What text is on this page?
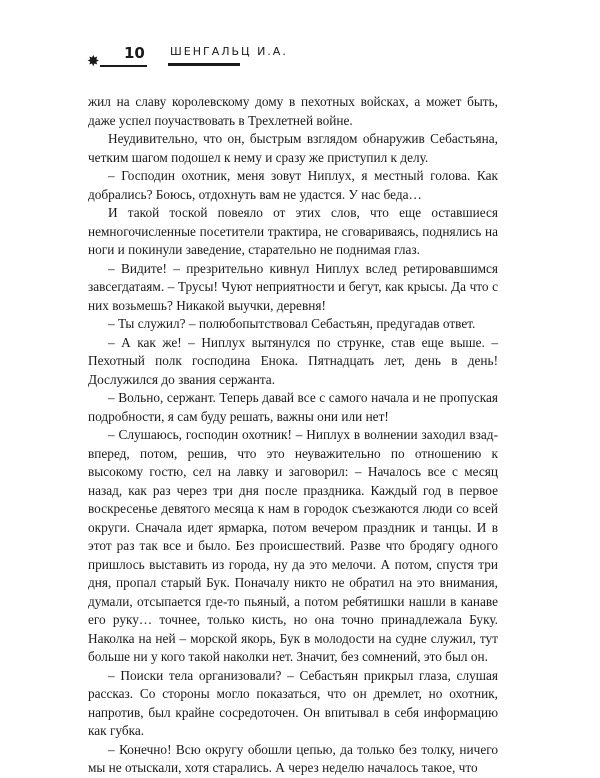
✸ 10 ШЕНГАЛЬЦ И.А.

жил на славу королевскому дому в пехотных войсках, а может быть, даже успел поучаствовать в Трехлетней войне.

Неудивительно, что он, быстрым взглядом обнаружив Себастьяна, четким шагом подошел к нему и сразу же приступил к делу.

– Господин охотник, меня зовут Ниплух, я местный голова. Как добрались? Боюсь, отдохнуть вам не удастся. У нас беда…

И такой тоской повеяло от этих слов, что еще оставшиеся немногочисленные посетители трактира, не сговариваясь, поднялись на ноги и покинули заведение, старательно не поднимая глаз.

– Видите! – презрительно кивнул Ниплух вслед ретировавшимся завсегдатаям. – Трусы! Чуют неприятности и бегут, как крысы. Да что с них возьмешь? Никакой выучки, деревня!

– Ты служил? – полюбопытствовал Себастьян, предугадав ответ.

– А как же! – Ниплух вытянулся по струнке, став еще выше. – Пехотный полк господина Енока. Пятнадцать лет, день в день! Дослужился до звания сержанта.

– Вольно, сержант. Теперь давай все с самого начала и не пропуская подробности, я сам буду решать, важны они или нет!

– Слушаюсь, господин охотник! – Ниплух в волнении заходил взад-вперед, потом, решив, что это неуважительно по отношению к высокому гостю, сел на лавку и заговорил: – Началось все с месяц назад, как раз через три дня после праздника. Каждый год в первое воскресенье девятого месяца к нам в городок съезжаются люди со всей округи. Сначала идет ярмарка, потом вечером праздник и танцы. И в этот раз так все и было. Без происшествий. Разве что бродягу одного пришлось выставить из города, ну да это мелочи. А потом, спустя три дня, пропал старый Бук. Поначалу никто не обратил на это внимания, думали, отсыпается где-то пьяный, а потом ребятишки нашли в канаве его руку… точнее, только кисть, но она точно принадлежала Буку. Наколка на ней – морской якорь, Бук в молодости на судне служил, тут больше ни у кого такой наколки нет. Значит, без сомнений, это был он.

– Поиски тела организовали? – Себастьян прикрыл глаза, слушая рассказ. Со стороны могло показаться, что он дремлет, но охотник, напротив, был крайне сосредоточен. Он впитывал в себя информацию как губка.

– Конечно! Всю округу обошли цепью, да только без толку, ничего мы не отыскали, хотя старались. А через неделю началось такое, что
